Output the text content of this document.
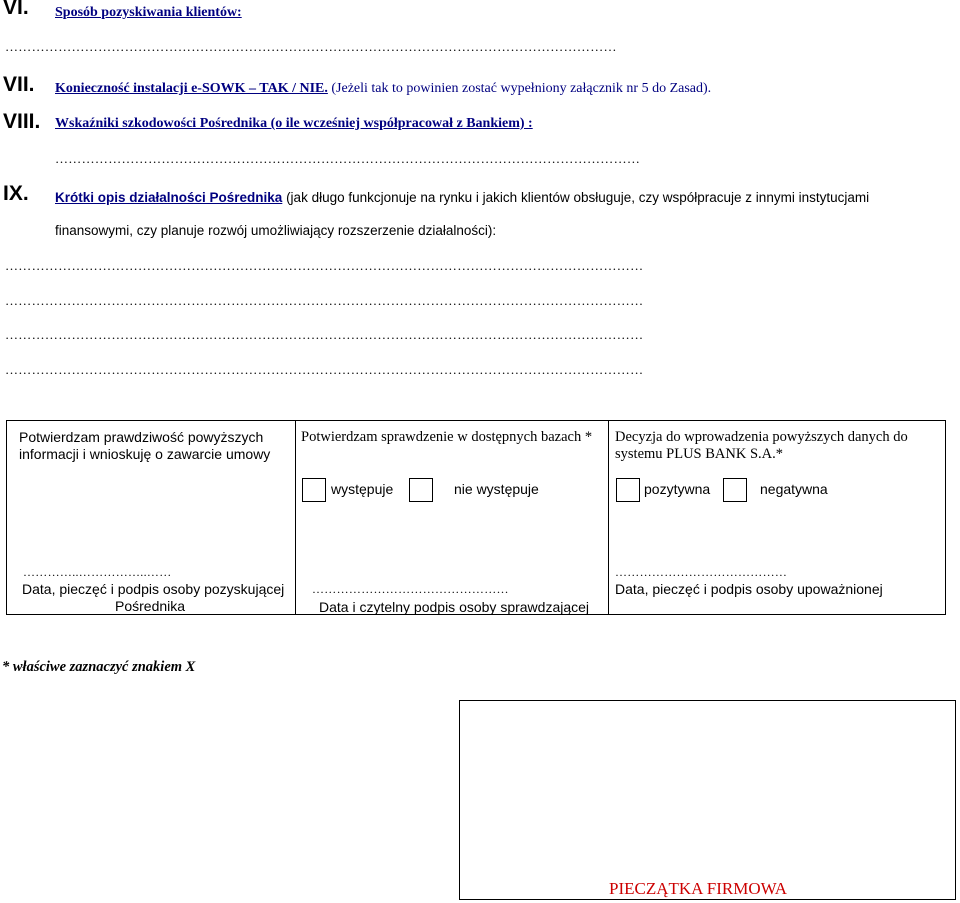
VI. Sposób pozyskiwania klientów:
…………………………………………………………………………………………………………………………
VII. Konieczność instalacji e-SOWK – TAK / NIE. (Jeżeli tak to powinien zostać wypełniony załącznik nr 5 do Zasad).
VIII. Wskaźniki szkodowości Pośrednika (o ile wcześniej współpracował z Bankiem) :
……………………………………………………………………………………………………………………
IX. Krótki opis działalności Pośrednika (jak długo funkcjonuje na rynku i jakich klientów obsługuje, czy współpracuje z innymi instytucjami
finansowymi, czy planuje rozwój umożliwiający rozszerzenie działalności):
………………………………………………………………………………………………………………………………
………………………………………………………………………………………………………………………………
………………………………………………………………………………………………………………………………
………………………………………………………………………………………………………………………………
Potwierdzam prawdziwość powyższych informacji i wnioskuję o zawarcie umowy
…………..……………..……
Data, pieczęć i podpis osoby pozyskującej
Pośrednika

Potwierdzam sprawdzenie w dostępnych bazach *
występuje	nie występuje
…………………………………………
Data i czytelny podpis osoby sprawdzającej

Decyzja do wprowadzenia powyższych danych do systemu PLUS BANK S.A.*
pozytywna	negatywna
……………………………………
Data, pieczęć i podpis osoby upoważnionej
* właściwe zaznaczyć znakiem X
PIECZĄTKA FIRMOWA
